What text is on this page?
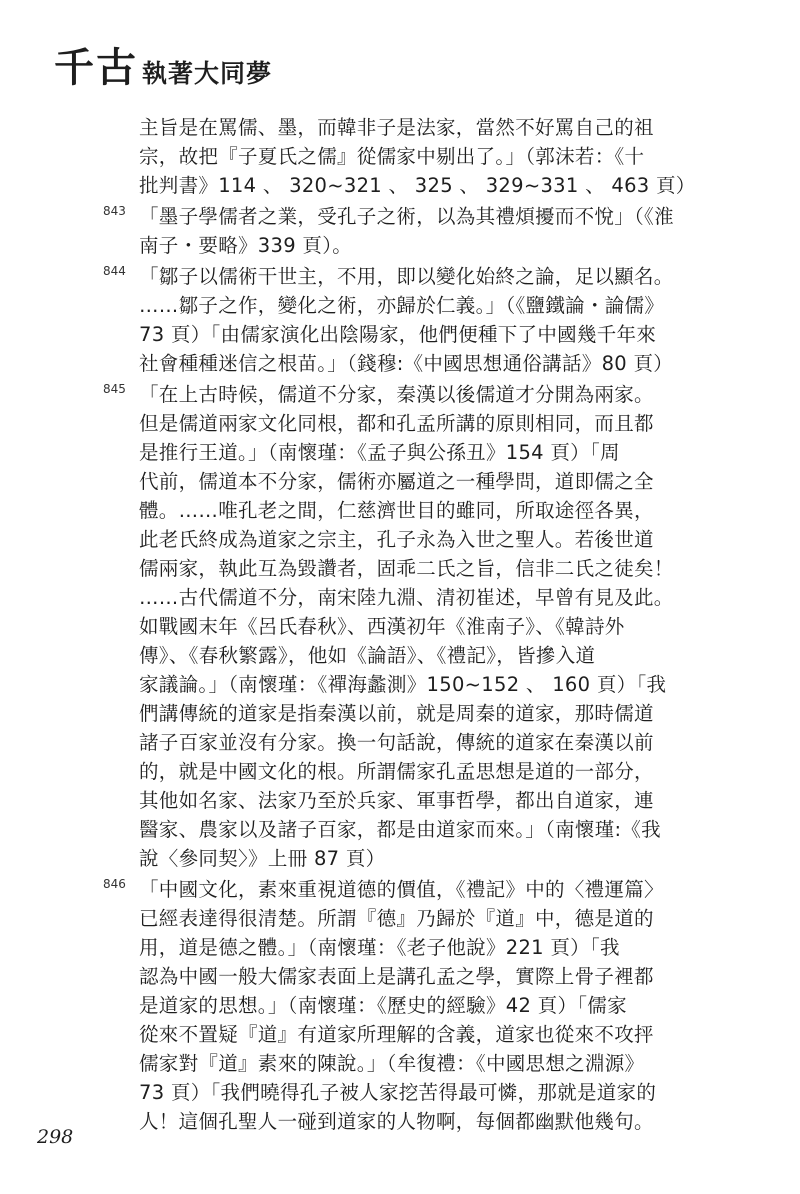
千古 執著大同夢
主旨是在罵儒、墨，而韓非子是法家，當然不好罵自己的祖
宗，故把『子夏氏之儒』從儒家中剔出了。」（郭沫若：《十
批判書》114 、 320~321 、 325 、 329~331 、 463 頁）
843 「墨子學儒者之業，受孔子之術，以為其禮煩擾而不悅」（《淮
南子・要略》339 頁）。
844 「鄒子以儒術干世主，不用，即以變化始終之論，足以顯名。
……鄒子之作，變化之術，亦歸於仁義。」（《鹽鐵論・論儒》
73 頁）「由儒家演化出陰陽家，他們便種下了中國幾千年來
社會種種迷信之根苗。」（錢穆:《中國思想通俗講話》80 頁）
845 「在上古時候，儒道不分家，秦漢以後儒道才分開為兩家。
但是儒道兩家文化同根，都和孔孟所講的原則相同，而且都
是推行王道。」（南懷瑾：《孟子與公孫丑》154 頁）「周
代前，儒道本不分家，儒術亦屬道之一種學問，道即儒之全
體。……唯孔老之間，仁慈濟世目的雖同，所取途徑各異，
此老氏終成為道家之宗主，孔子永為入世之聖人。若後世道
儒兩家，執此互為毀讚者，固乖二氏之旨，信非二氏之徒矣！
……古代儒道不分，南宋陸九淵、清初崔述，早曾有見及此。
如戰國末年《呂氏春秋》、西漢初年《淮南子》、《韓詩外
傳》、《春秋繁露》，他如《論語》、《禮記》，皆摻入道
家議論。」（南懷瑾：《禪海蠡測》150~152 、 160 頁）「我
們講傳統的道家是指秦漢以前，就是周秦的道家，那時儒道
諸子百家並沒有分家。換一句話說，傳統的道家在秦漢以前
的，就是中國文化的根。所謂儒家孔孟思想是道的一部分，
其他如名家、法家乃至於兵家、軍事哲學，都出自道家，連
醫家、農家以及諸子百家，都是由道家而來。」（南懷瑾:《我
說〈參同契〉》上冊 87 頁）
846 「中國文化，素來重視道德的價值，《禮記》中的〈禮運篇〉
已經表達得很清楚。所謂『德』乃歸於『道』中，德是道的
用，道是德之體。」（南懷瑾：《老子他說》221 頁）「我
認為中國一般大儒家表面上是講孔孟之學，實際上骨子裡都
是道家的思想。」（南懷瑾：《歷史的經驗》42 頁）「儒家
從來不置疑『道』有道家所理解的含義，道家也從來不攻抨
儒家對『道』素來的陳說。」（牟復禮：《中國思想之淵源》
73 頁）「我們曉得孔子被人家挖苦得最可憐，那就是道家的
人！這個孔聖人一碰到道家的人物啊，每個都幽默他幾句。
298
